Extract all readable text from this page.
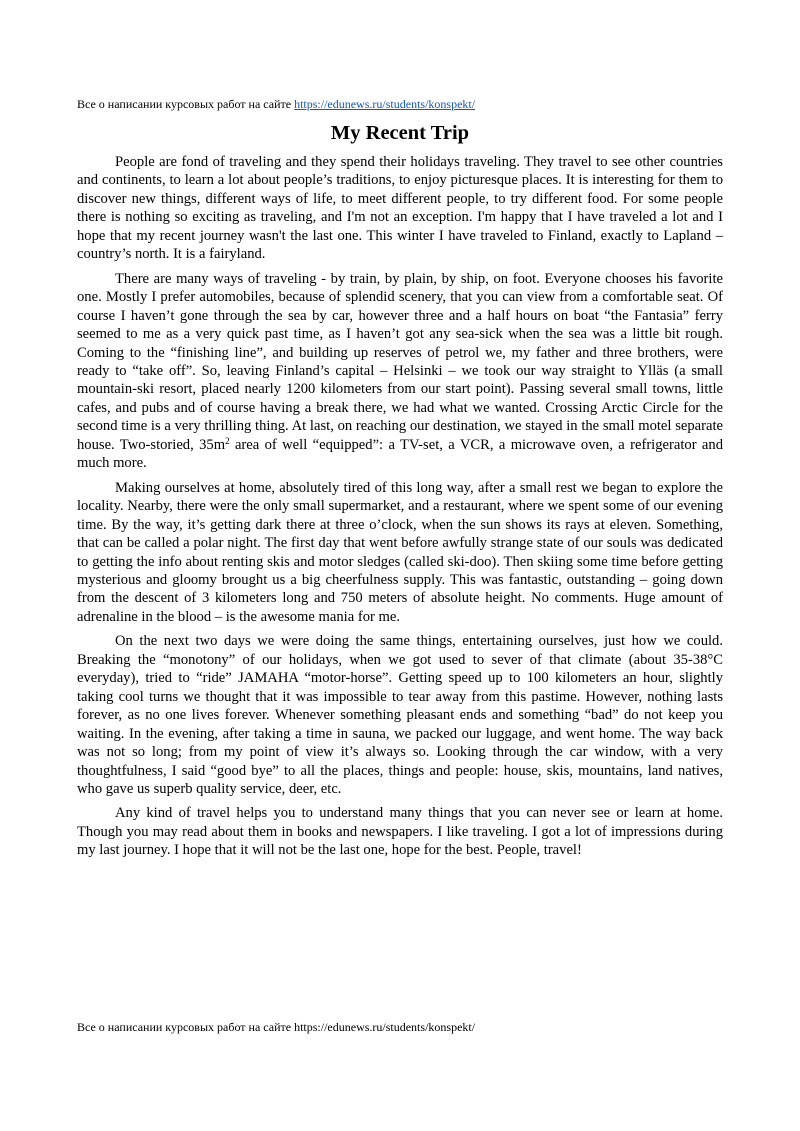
Все о написании курсовых работ на сайте https://edunews.ru/students/konspekt/
My Recent Trip

People are fond of traveling and they spend their holidays traveling. They travel to see other countries and continents, to learn a lot about people’s traditions, to enjoy picturesque places. It is interesting for them to discover new things, different ways of life, to meet different people, to try different food. For some people there is nothing so exciting as traveling, and I'm not an exception. I'm happy that I have traveled a lot and I hope that my recent journey wasn't the last one. This winter I have traveled to Finland, exactly to Lapland – country’s north. It is a fairyland.

There are many ways of traveling - by train, by plain, by ship, on foot. Everyone chooses his favorite one. Mostly I prefer automobiles, because of splendid scenery, that you can view from a comfortable seat. Of course I haven’t gone through the sea by car, however three and a half hours on boat “the Fantasia” ferry seemed to me as a very quick past time, as I haven’t got any sea-sick when the sea was a little bit rough. Coming to the “finishing line”, and building up reserves of petrol we, my father and three brothers, were ready to “take off”. So, leaving Finland’s capital – Helsinki – we took our way straight to Ylläs (a small mountain-ski resort, placed nearly 1200 kilometers from our start point). Passing several small towns, little cafes, and pubs and of course having a break there, we had what we wanted. Crossing Arctic Circle for the second time is a very thrilling thing. At last, on reaching our destination, we stayed in the small motel separate house. Two-storied, $35m^2$ area of well “equipped”: a TV-set, a VCR, a microwave oven, a refrigerator and much more.

Making ourselves at home, absolutely tired of this long way, after a small rest we began to explore the locality. Nearby, there were the only small supermarket, and a restaurant, where we spent some of our evening time. By the way, it’s getting dark there at three o’clock, when the sun shows its rays at eleven. Something, that can be called a polar night. The first day that went before awfully strange state of our souls was dedicated to getting the info about renting skis and motor sledges (called ski-doo). Then skiing some time before getting mysterious and gloomy brought us a big cheerfulness supply. This was fantastic, outstanding – going down from the descent of 3 kilometers long and 750 meters of absolute height. No comments. Huge amount of adrenaline in the blood – is the awesome mania for me.

On the next two days we were doing the same things, entertaining ourselves, just how we could. Breaking the “monotony” of our holidays, when we got used to sever of that climate (about 35-38°C everyday), tried to “ride” JAMAHA “motor-horse”. Getting speed up to 100 kilometers an hour, slightly taking cool turns we thought that it was impossible to tear away from this pastime. However, nothing lasts forever, as no one lives forever. Whenever something pleasant ends and something “bad” do not keep you waiting. In the evening, after taking a time in sauna, we packed our luggage, and went home. The way back was not so long; from my point of view it’s always so. Looking through the car window, with a very thoughtfulness, I said “good bye” to all the places, things and people: house, skis, mountains, land natives, who gave us superb quality service, deer, etc.

Any kind of travel helps you to understand many things that you can never see or learn at home. Though you may read about them in books and newspapers. I like traveling. I got a lot of impressions during my last journey. I hope that it will not be the last one, hope for the best. People, travel!

Все о написании курсовых работ на сайте https://edunews.ru/students/konspekt/
